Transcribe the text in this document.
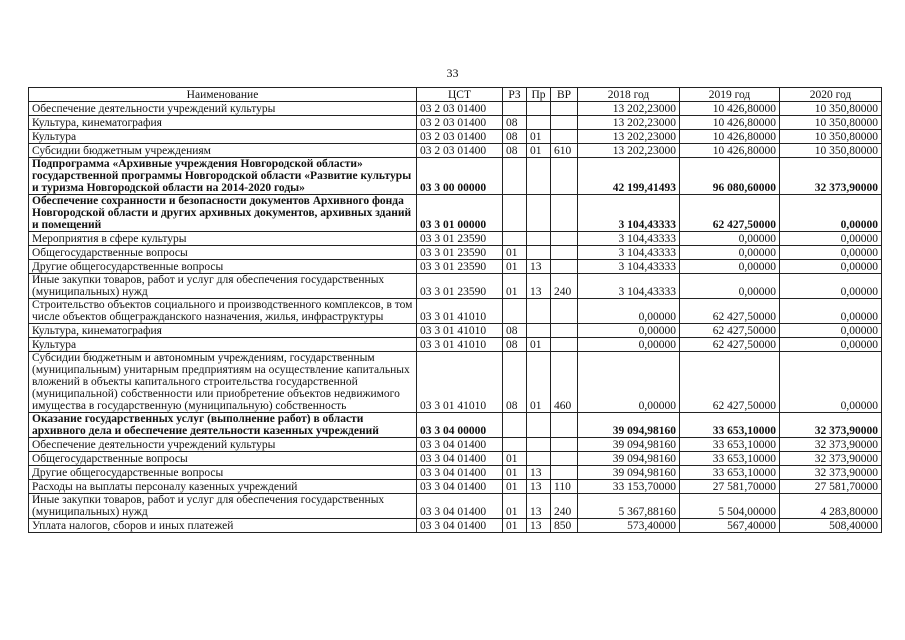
33
Наименование	ЦСТ	РЗ	Пр	ВР	2018 год	2019 год	2020 год
Обеспечение деятельности учреждений культуры	03 2 03 01400				13 202,23000	10 426,80000	10 350,80000
Культура, кинематография	03 2 03 01400	08			13 202,23000	10 426,80000	10 350,80000
Культура	03 2 03 01400	08	01		13 202,23000	10 426,80000	10 350,80000
Субсидии бюджетным учреждениям	03 2 03 01400	08	01	610	13 202,23000	10 426,80000	10 350,80000
Подпрограмма «Архивные учреждения Новгородской области» государственной программы Новгородской области «Развитие культуры и туризма Новгородской области на 2014-2020 годы»	03 3 00 00000				42 199,41493	96 080,60000	32 373,90000
Обеспечение сохранности и безопасности документов Архивного фонда Новгородской области и других архивных документов, архивных зданий и помещений	03 3 01 00000				3 104,43333	62 427,50000	0,00000
Мероприятия в сфере культуры	03 3 01 23590				3 104,43333	0,00000	0,00000
Общегосударственные вопросы	03 3 01 23590	01			3 104,43333	0,00000	0,00000
Другие общегосударственные вопросы	03 3 01 23590	01	13		3 104,43333	0,00000	0,00000
Иные закупки товаров, работ и услуг для обеспечения государственных (муниципальных) нужд	03 3 01 23590	01	13	240	3 104,43333	0,00000	0,00000
Строительство объектов социального и производственного комплексов, в том числе объектов общегражданского назначения, жилья, инфраструктуры	03 3 01 41010				0,00000	62 427,50000	0,00000
Культура, кинематография	03 3 01 41010	08			0,00000	62 427,50000	0,00000
Культура	03 3 01 41010	08	01		0,00000	62 427,50000	0,00000
Субсидии бюджетным и автономным учреждениям, государственным (муниципальным) унитарным предприятиям на осуществление капитальных вложений в объекты капитального строительства государственной (муниципальной) собственности или приобретение объектов недвижимого имущества в государственную (муниципальную) собственность	03 3 01 41010	08	01	460	0,00000	62 427,50000	0,00000
Оказание государственных услуг (выполнение работ) в области архивного дела и обеспечение деятельности казенных учреждений	03 3 04 00000				39 094,98160	33 653,10000	32 373,90000
Обеспечение деятельности учреждений культуры	03 3 04 01400				39 094,98160	33 653,10000	32 373,90000
Общегосударственные вопросы	03 3 04 01400	01			39 094,98160	33 653,10000	32 373,90000
Другие общегосударственные вопросы	03 3 04 01400	01	13		39 094,98160	33 653,10000	32 373,90000
Расходы на выплаты персоналу казенных учреждений	03 3 04 01400	01	13	110	33 153,70000	27 581,70000	27 581,70000
Иные закупки товаров, работ и услуг для обеспечения государственных (муниципальных) нужд	03 3 04 01400	01	13	240	5 367,88160	5 504,00000	4 283,80000
Уплата налогов, сборов и иных платежей	03 3 04 01400	01	13	850	573,40000	567,40000	508,40000
